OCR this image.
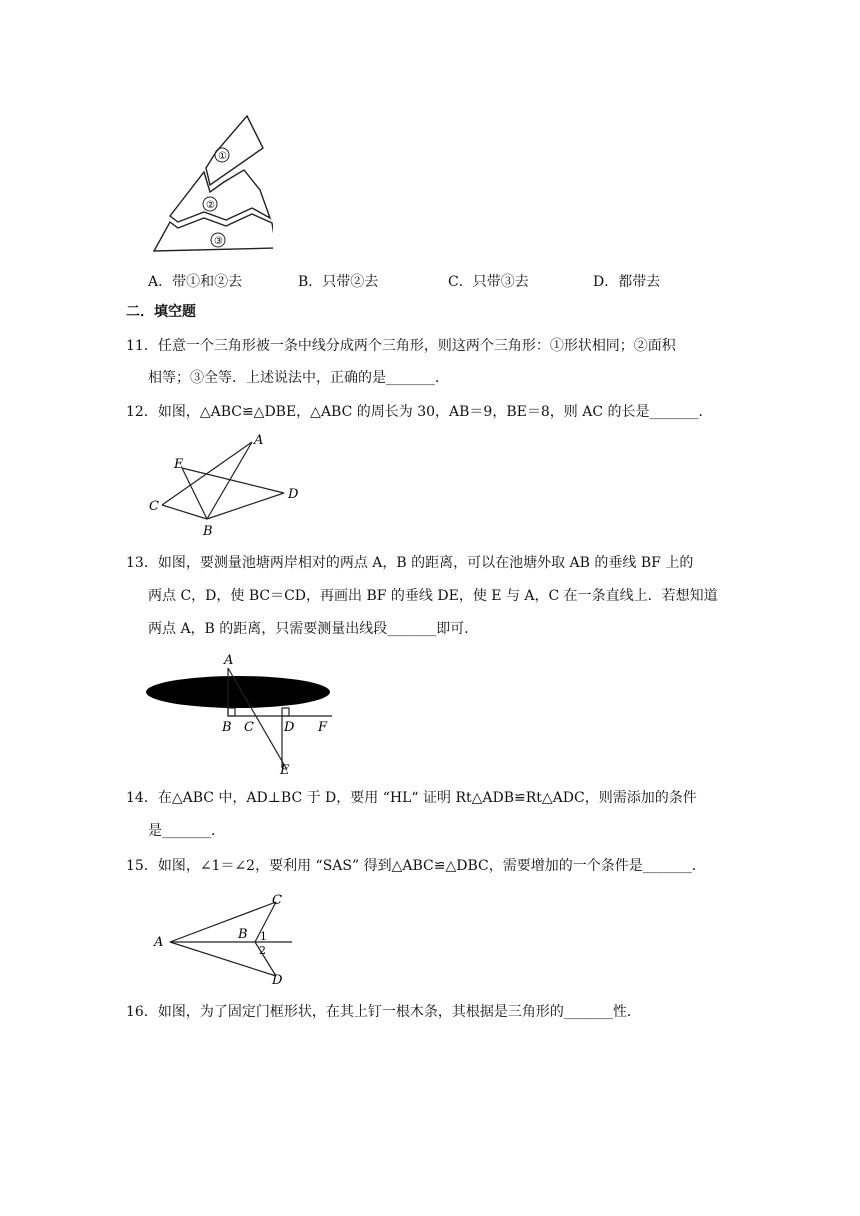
①
②
③
A．带①和②去	B．只带②去	C．只带③去	D．都带去
二．填空题
11．任意一个三角形被一条中线分成两个三角形，则这两个三角形：①形状相同；②面积
相等；③全等．上述说法中，正确的是_______．
12．如图，△ABC≌△DBE，△ABC 的周长为 30，AB＝9，BE＝8，则 AC 的长是_______．
A
E
C
B
D
13．如图，要测量池塘两岸相对的两点 A，B 的距离，可以在池塘外取 AB 的垂线 BF 上的
两点 C，D，使 BC＝CD，再画出 BF 的垂线 DE，使 E 与 A，C 在一条直线上．若想知道
两点 A，B 的距离，只需要测量出线段_______即可．
A
B C D F
E
14．在△ABC 中，AD⊥BC 于 D，要用 “HL“ 证明 Rt△ADB≌Rt△ADC，则需添加的条件
是_______．
15．如图，∠1＝∠2，要利用 “SAS” 得到△ABC≌△DBC，需要增加的一个条件是_______．
C
A
B 1
2
D
16．如图，为了固定门框形状，在其上钉一根木条，其根据是三角形的_______性．
